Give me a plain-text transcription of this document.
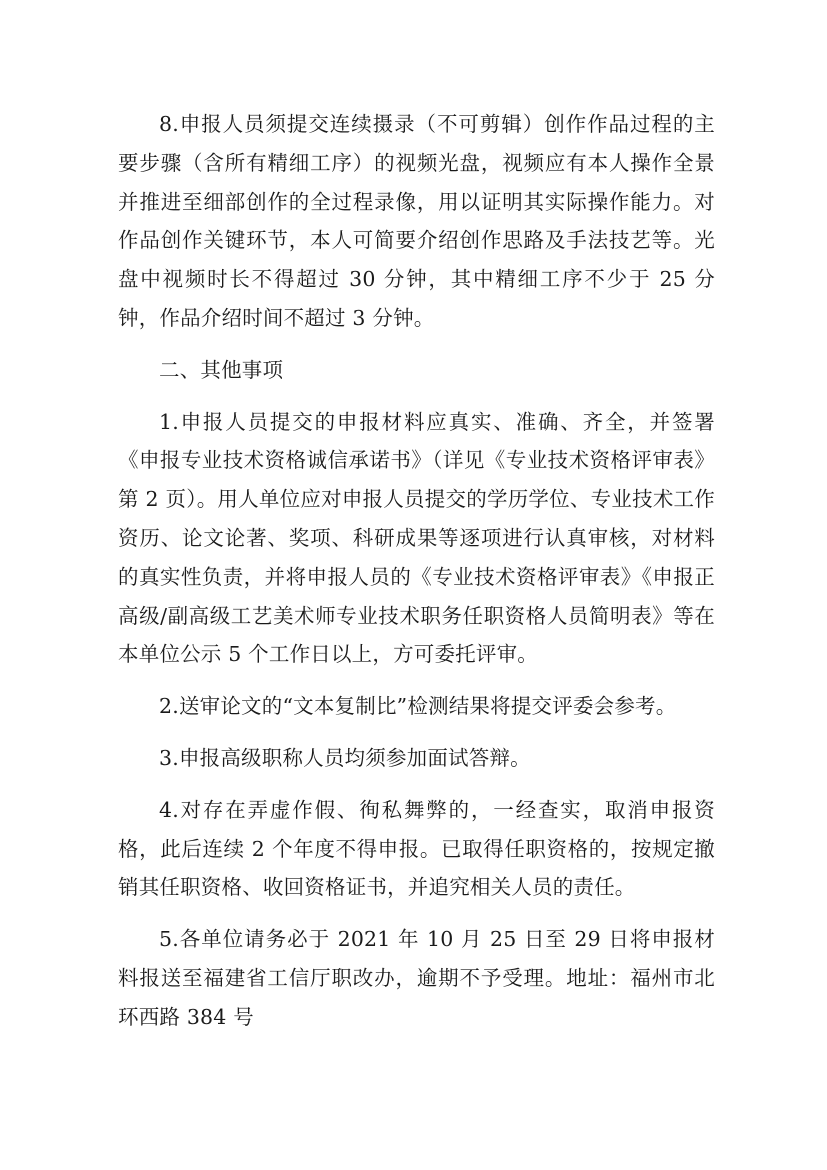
8.申报人员须提交连续摄录（不可剪辑）创作作品过程的主要步骤（含所有精细工序）的视频光盘，视频应有本人操作全景并推进至细部创作的全过程录像，用以证明其实际操作能力。对作品创作关键环节，本人可简要介绍创作思路及手法技艺等。光盘中视频时长不得超过 30 分钟，其中精细工序不少于 25 分钟，作品介绍时间不超过 3 分钟。

二、其他事项

1.申报人员提交的申报材料应真实、准确、齐全，并签署《申报专业技术资格诚信承诺书》（详见《专业技术资格评审表》第 2 页）。用人单位应对申报人员提交的学历学位、专业技术工作资历、论文论著、奖项、科研成果等逐项进行认真审核，对材料的真实性负责，并将申报人员的《专业技术资格评审表》《申报正高级/副高级工艺美术师专业技术职务任职资格人员简明表》等在本单位公示 5 个工作日以上，方可委托评审。

2.送审论文的“文本复制比”检测结果将提交评委会参考。

3.申报高级职称人员均须参加面试答辩。

4.对存在弄虚作假、徇私舞弊的，一经查实，取消申报资格，此后连续 2 个年度不得申报。已取得任职资格的，按规定撤销其任职资格、收回资格证书，并追究相关人员的责任。

5.各单位请务必于 2021 年 10 月 25 日至 29 日将申报材料报送至福建省工信厅职改办，逾期不予受理。地址：福州市北环西路 384 号
